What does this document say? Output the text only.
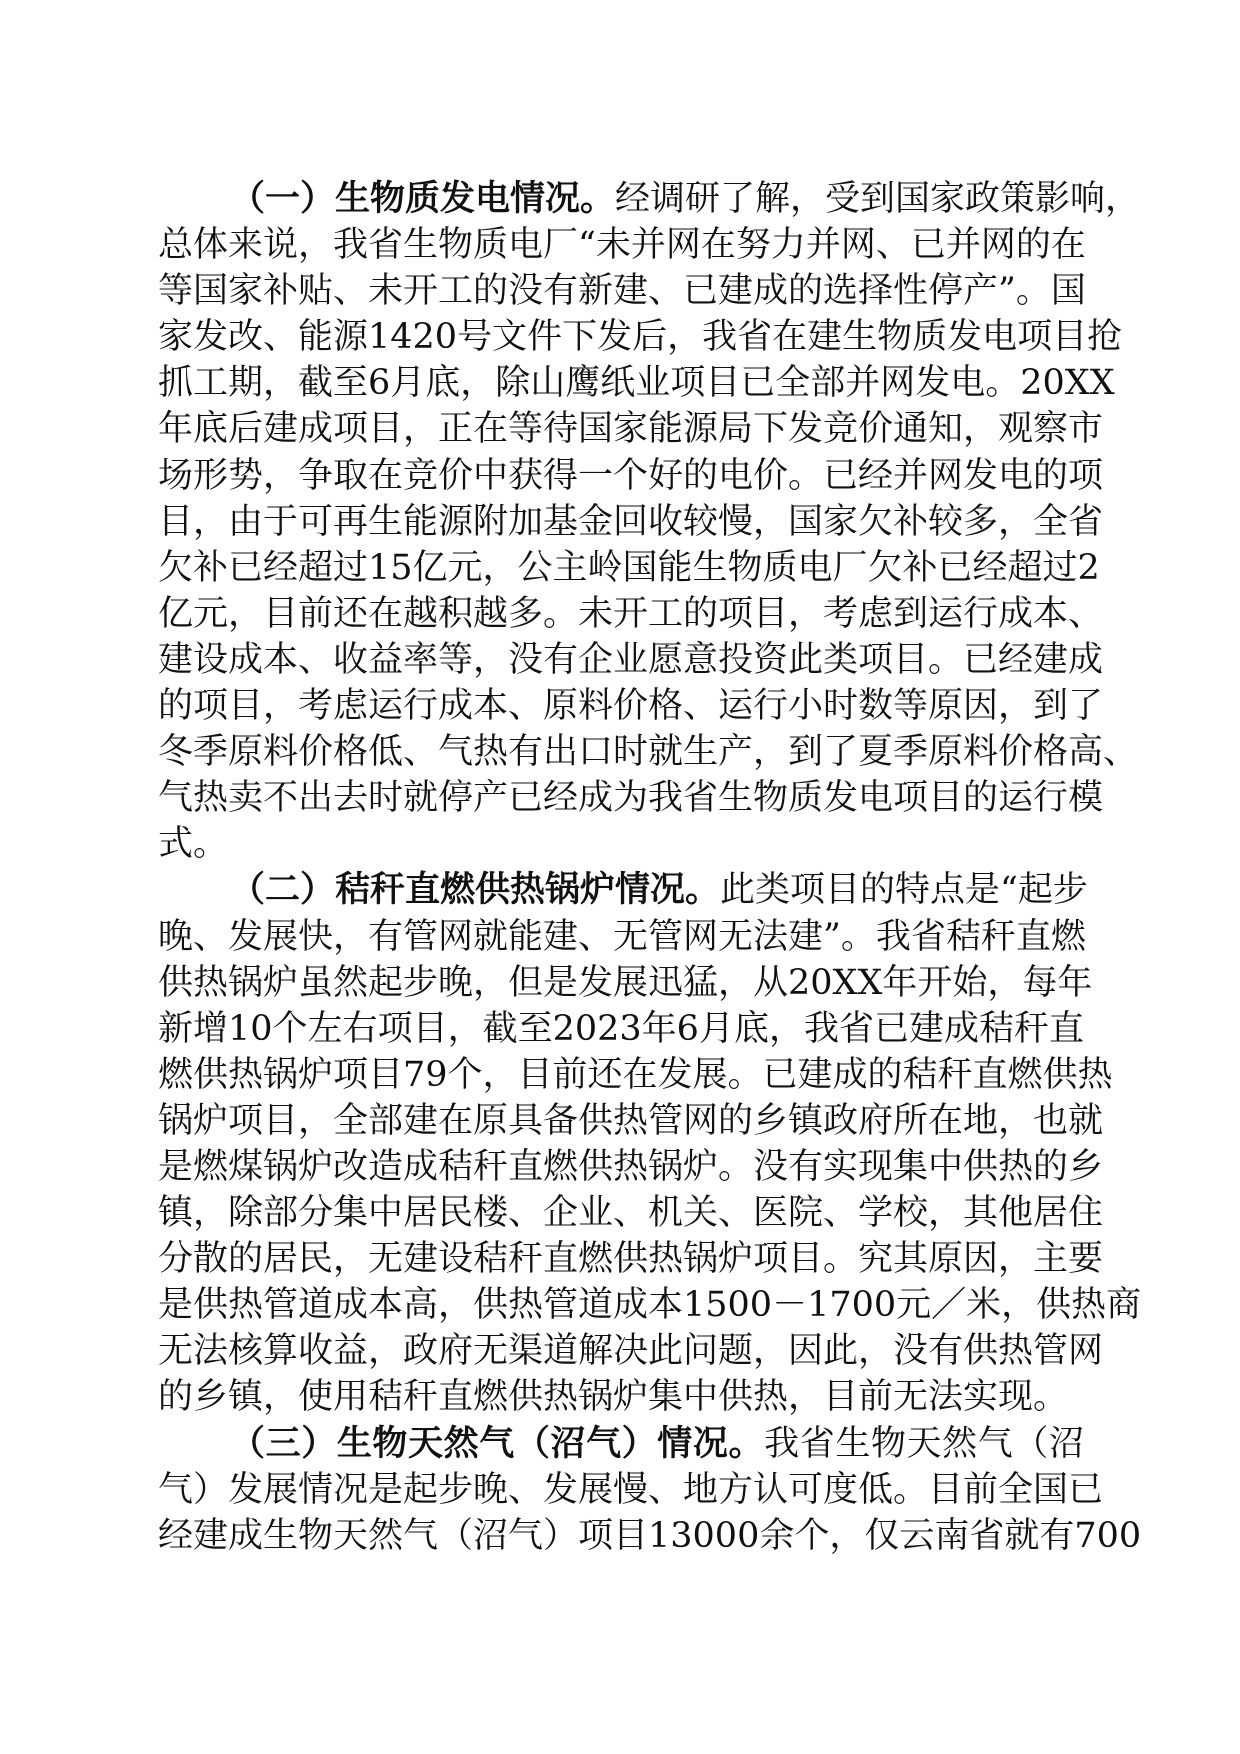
（一）生物质发电情况。经调研了解，受到国家政策影响，
总体来说，我省生物质电厂“未并网在努力并网、已并网的在
等国家补贴、未开工的没有新建、已建成的选择性停产”。国
家发改、能源1420号文件下发后，我省在建生物质发电项目抢
抓工期，截至6月底，除山鹰纸业项目已全部并网发电。20XX
年底后建成项目，正在等待国家能源局下发竞价通知，观察市
场形势，争取在竞价中获得一个好的电价。已经并网发电的项
目，由于可再生能源附加基金回收较慢，国家欠补较多，全省
欠补已经超过15亿元，公主岭国能生物质电厂欠补已经超过2
亿元，目前还在越积越多。未开工的项目，考虑到运行成本、
建设成本、收益率等，没有企业愿意投资此类项目。已经建成
的项目，考虑运行成本、原料价格、运行小时数等原因，到了
冬季原料价格低、气热有出口时就生产，到了夏季原料价格高、
气热卖不出去时就停产已经成为我省生物质发电项目的运行模
式。
（二）秸秆直燃供热锅炉情况。此类项目的特点是“起步
晚、发展快，有管网就能建、无管网无法建”。我省秸秆直燃
供热锅炉虽然起步晚，但是发展迅猛，从20XX年开始，每年
新增10个左右项目，截至2023年6月底，我省已建成秸秆直
燃供热锅炉项目79个，目前还在发展。已建成的秸秆直燃供热
锅炉项目，全部建在原具备供热管网的乡镇政府所在地，也就
是燃煤锅炉改造成秸秆直燃供热锅炉。没有实现集中供热的乡
镇，除部分集中居民楼、企业、机关、医院、学校，其他居住
分散的居民，无建设秸秆直燃供热锅炉项目。究其原因，主要
是供热管道成本高，供热管道成本1500－1700元／米，供热商
无法核算收益，政府无渠道解决此问题，因此，没有供热管网
的乡镇，使用秸秆直燃供热锅炉集中供热，目前无法实现。
（三）生物天然气（沼气）情况。我省生物天然气（沼
气）发展情况是起步晚、发展慢、地方认可度低。目前全国已
经建成生物天然气（沼气）项目13000余个，仅云南省就有700
